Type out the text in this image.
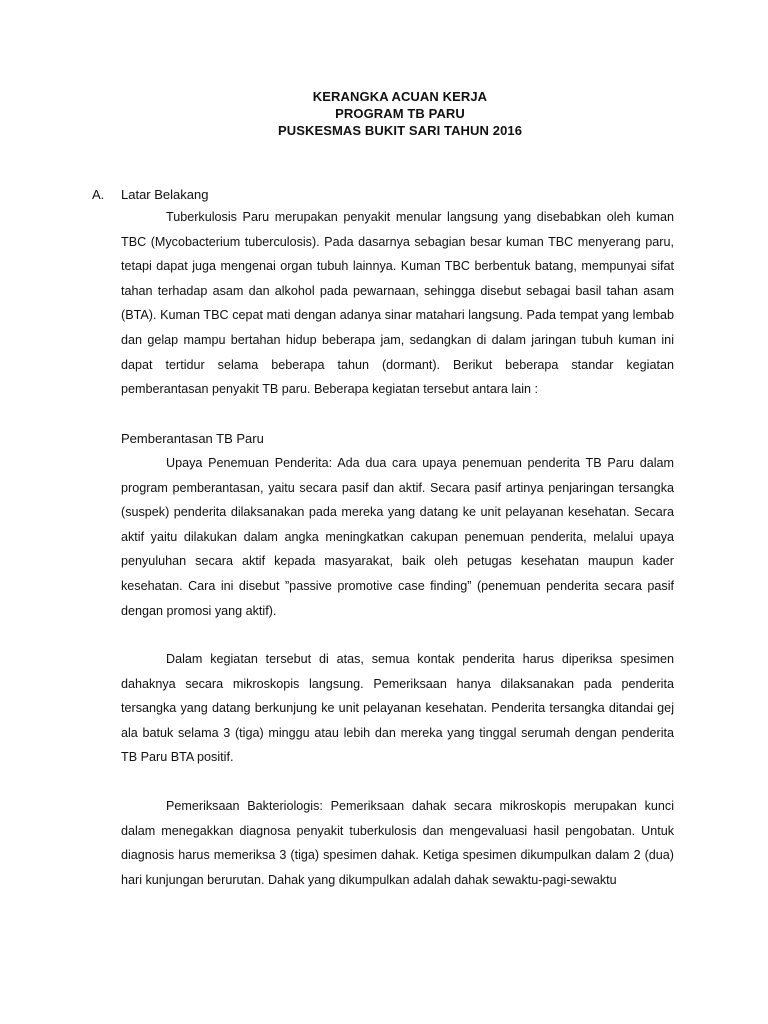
KERANGKA ACUAN KERJA
PROGRAM TB PARU
PUSKESMAS BUKIT SARI TAHUN 2016
A. Latar Belakang

Tuberkulosis Paru merupakan penyakit menular langsung yang disebabkan oleh kuman TBC (Mycobacterium tuberculosis). Pada dasarnya sebagian besar kuman TBC menyerang paru, tetapi dapat juga mengenai organ tubuh lainnya. Kuman TBC berbentuk batang, mempunyai sifat tahan terhadap asam dan alkohol pada pewarnaan, sehingga disebut sebagai basil tahan asam (BTA). Kuman TBC cepat mati dengan adanya sinar matahari langsung. Pada tempat yang lembab dan gelap mampu bertahan hidup beberapa jam, sedangkan di dalam jaringan tubuh kuman ini dapat tertidur selama beberapa tahun (dormant). Berikut beberapa standar kegiatan pemberantasan penyakit TB paru. Beberapa kegiatan tersebut antara lain :

Pemberantasan TB Paru

Upaya Penemuan Penderita: Ada dua cara upaya penemuan penderita TB Paru dalam program pemberantasan, yaitu secara pasif dan aktif. Secara pasif artinya penjaringan tersangka (suspek) penderita dilaksanakan pada mereka yang datang ke unit pelayanan kesehatan. Secara aktif yaitu dilakukan dalam angka meningkatkan cakupan penemuan penderita, melalui upaya penyuluhan secara aktif kepada masyarakat, baik oleh petugas kesehatan maupun kader kesehatan. Cara ini disebut ”passive promotive case finding” (penemuan penderita secara pasif dengan promosi yang aktif).

Dalam kegiatan tersebut di atas, semua kontak penderita harus diperiksa spesimen dahaknya secara mikroskopis langsung. Pemeriksaan hanya dilaksanakan pada penderita tersangka yang datang berkunjung ke unit pelayanan kesehatan. Penderita tersangka ditandai gej ala batuk selama 3 (tiga) minggu atau lebih dan mereka yang tinggal serumah dengan penderita TB Paru BTA positif.

Pemeriksaan Bakteriologis: Pemeriksaan dahak secara mikroskopis merupakan kunci dalam menegakkan diagnosa penyakit tuberkulosis dan mengevaluasi hasil pengobatan. Untuk diagnosis harus memeriksa 3 (tiga) spesimen dahak. Ketiga spesimen dikumpulkan dalam 2 (dua) hari kunjungan berurutan. Dahak yang dikumpulkan adalah dahak sewaktu-pagi-sewaktu
